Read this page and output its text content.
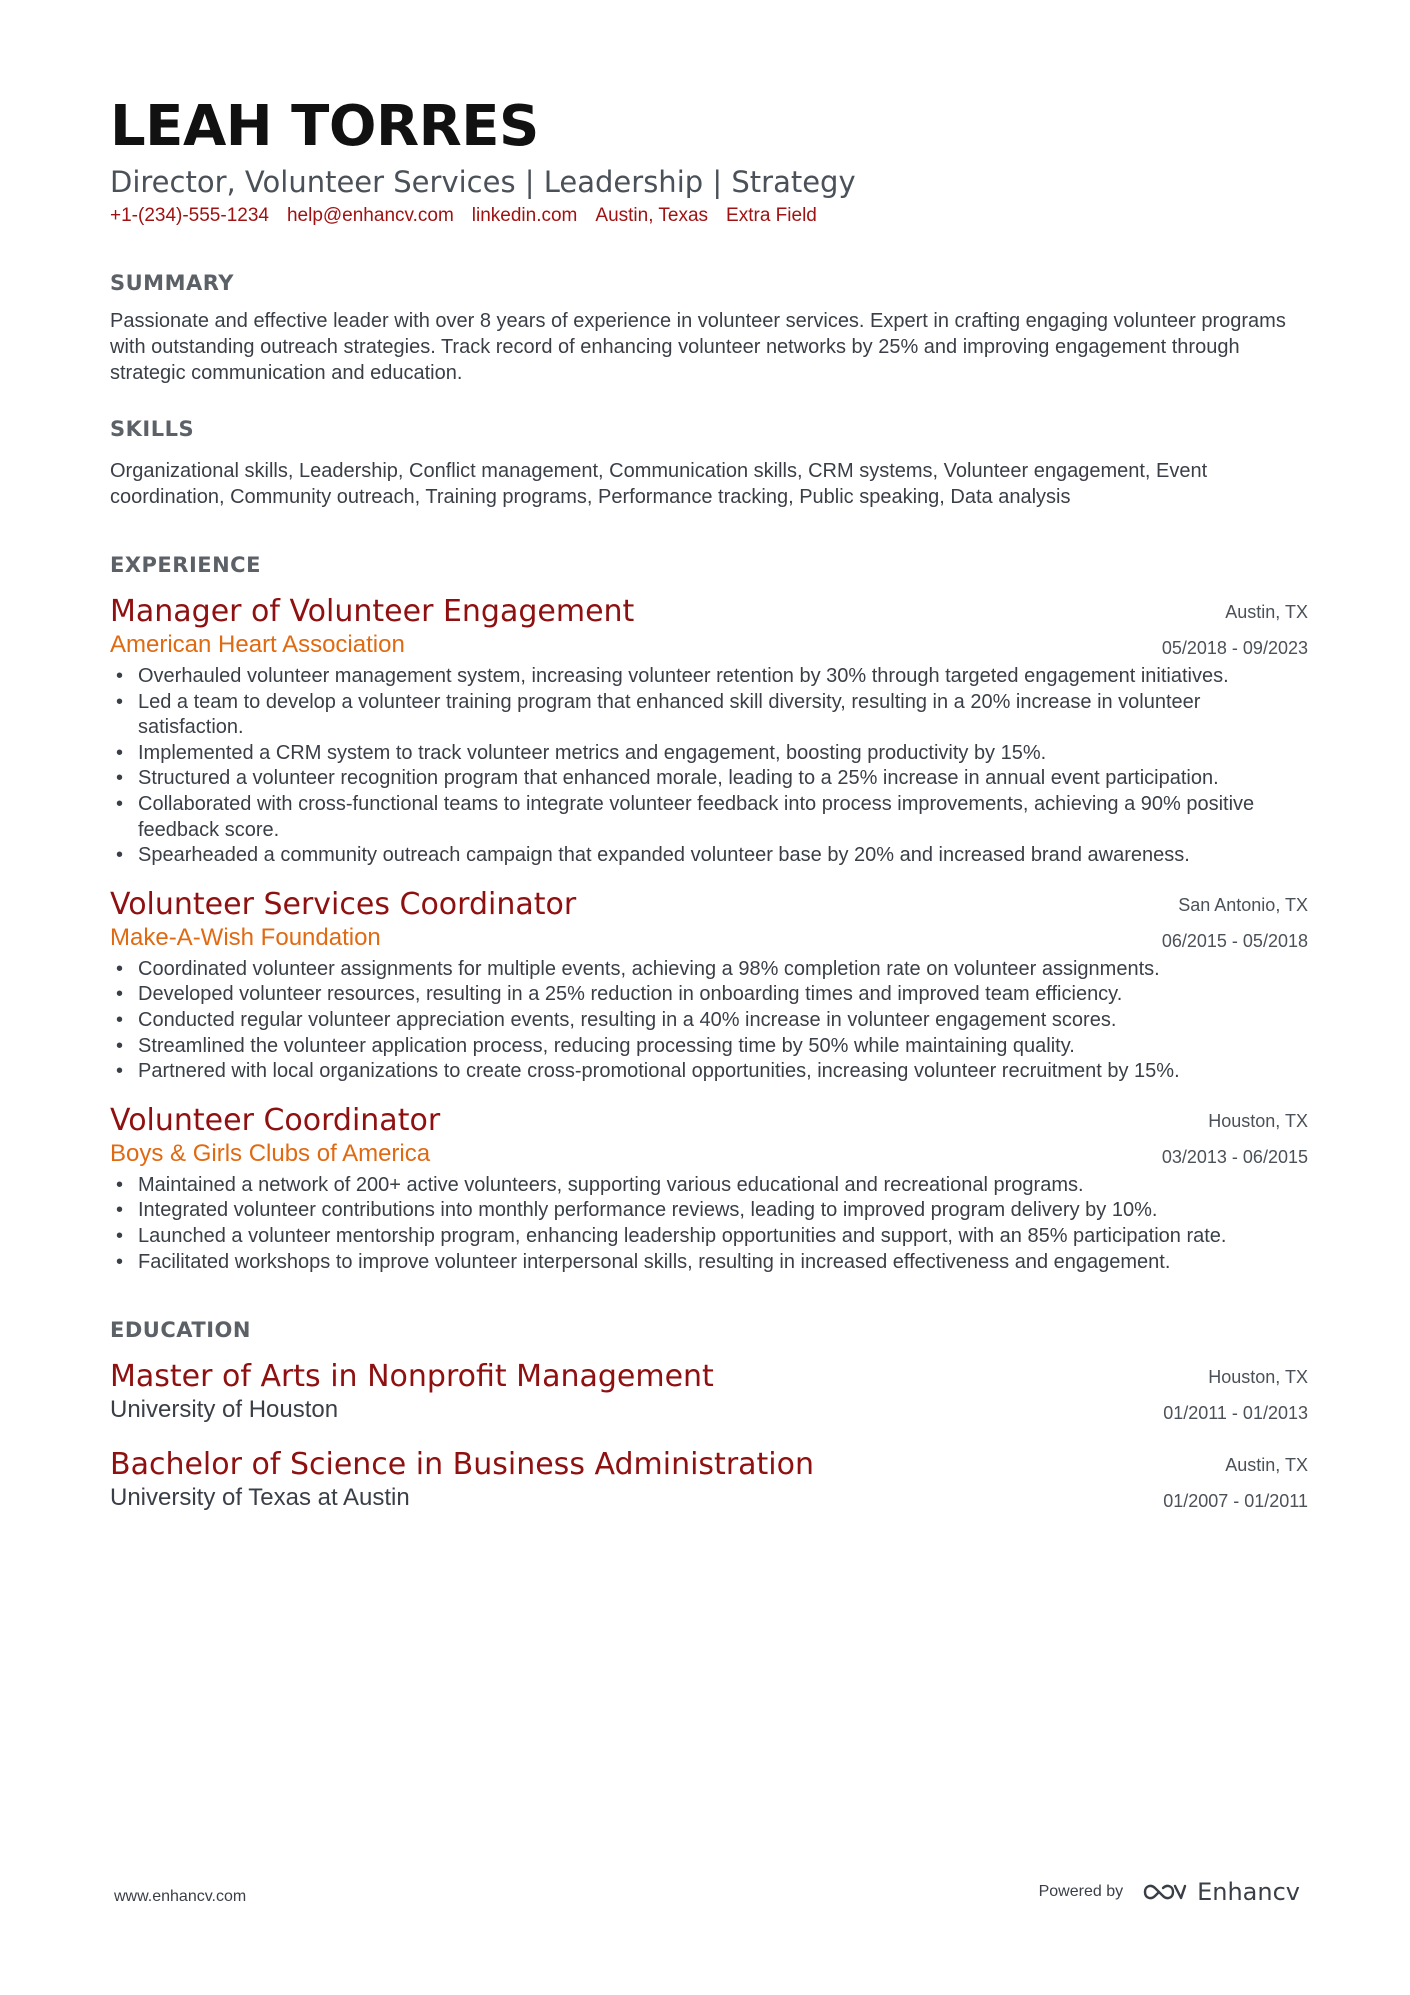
LEAH TORRES
Director, Volunteer Services | Leadership | Strategy
+1-(234)-555-1234 help@enhancv.com linkedin.com Austin, Texas Extra Field
SUMMARY

Passionate and effective leader with over 8 years of experience in volunteer services. Expert in crafting engaging volunteer programs with outstanding outreach strategies. Track record of enhancing volunteer networks by 25% and improving engagement through strategic communication and education.

SKILLS

Organizational skills, Leadership, Conflict management, Communication skills, CRM systems, Volunteer engagement, Event coordination, Community outreach, Training programs, Performance tracking, Public speaking, Data analysis

EXPERIENCE
Manager of Volunteer Engagement
American Heart Association
Austin, TX
05/2018 - 09/2023
• Overhauled volunteer management system, increasing volunteer retention by 30% through targeted engagement initiatives.
• Led a team to develop a volunteer training program that enhanced skill diversity, resulting in a 20% increase in volunteer satisfaction.
• Implemented a CRM system to track volunteer metrics and engagement, boosting productivity by 15%.
• Structured a volunteer recognition program that enhanced morale, leading to a 25% increase in annual event participation.
• Collaborated with cross-functional teams to integrate volunteer feedback into process improvements, achieving a 90% positive feedback score.
• Spearheaded a community outreach campaign that expanded volunteer base by 20% and increased brand awareness.
Volunteer Services Coordinator
Make-A-Wish Foundation
San Antonio, TX
06/2015 - 05/2018
• Coordinated volunteer assignments for multiple events, achieving a 98% completion rate on volunteer assignments.
• Developed volunteer resources, resulting in a 25% reduction in onboarding times and improved team efficiency.
• Conducted regular volunteer appreciation events, resulting in a 40% increase in volunteer engagement scores.
• Streamlined the volunteer application process, reducing processing time by 50% while maintaining quality.
• Partnered with local organizations to create cross-promotional opportunities, increasing volunteer recruitment by 15%.
Volunteer Coordinator
Boys & Girls Clubs of America
Houston, TX
03/2013 - 06/2015
• Maintained a network of 200+ active volunteers, supporting various educational and recreational programs.
• Integrated volunteer contributions into monthly performance reviews, leading to improved program delivery by 10%.
• Launched a volunteer mentorship program, enhancing leadership opportunities and support, with an 85% participation rate.
• Facilitated workshops to improve volunteer interpersonal skills, resulting in increased effectiveness and engagement.
EDUCATION
Master of Arts in Nonprofit Management
University of Houston
Houston, TX
01/2011 - 01/2013
Bachelor of Science in Business Administration
University of Texas at Austin
Austin, TX
01/2007 - 01/2011
www.enhancv.com	Powered by	Enhancv
